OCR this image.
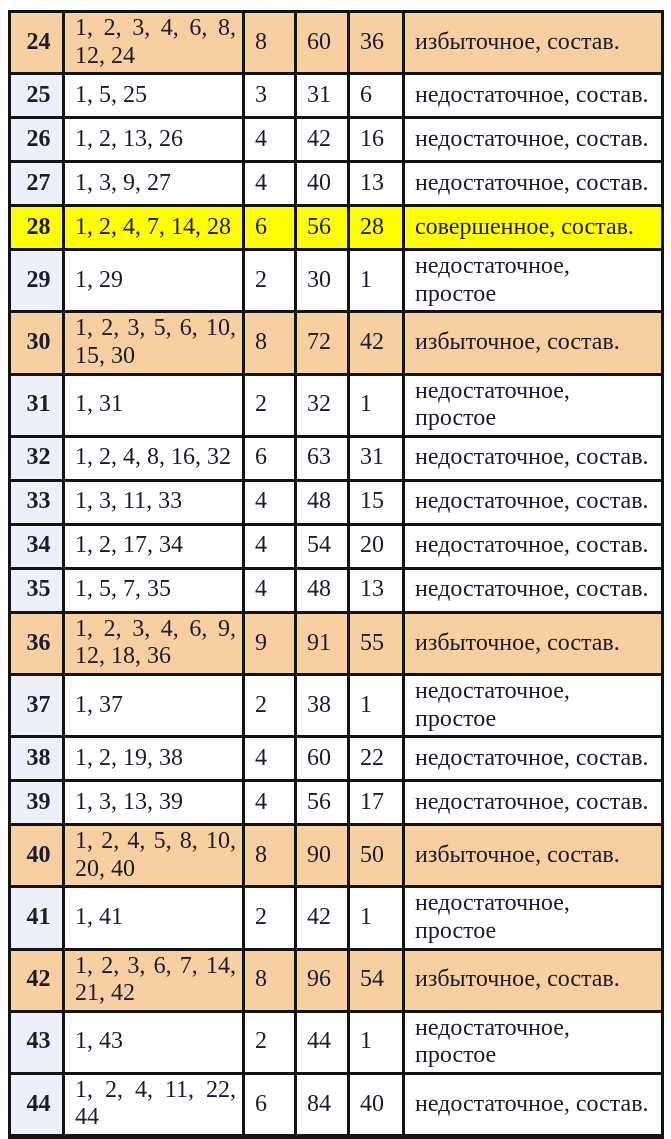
24	1, 2, 3, 4, 6, 8, 12, 24	8	60	36	избыточное, состав.
25	1, 5, 25	3	31	6	недостаточное, состав.
26	1, 2, 13, 26	4	42	16	недостаточное, состав.
27	1, 3, 9, 27	4	40	13	недостаточное, состав.
28	1, 2, 4, 7, 14, 28	6	56	28	совершенное, состав.
29	1, 29	2	30	1	недостаточное, простое
30	1, 2, 3, 5, 6, 10, 15, 30	8	72	42	избыточное, состав.
31	1, 31	2	32	1	недостаточное, простое
32	1, 2, 4, 8, 16, 32	6	63	31	недостаточное, состав.
33	1, 3, 11, 33	4	48	15	недостаточное, состав.
34	1, 2, 17, 34	4	54	20	недостаточное, состав.
35	1, 5, 7, 35	4	48	13	недостаточное, состав.
36	1, 2, 3, 4, 6, 9, 12, 18, 36	9	91	55	избыточное, состав.
37	1, 37	2	38	1	недостаточное, простое
38	1, 2, 19, 38	4	60	22	недостаточное, состав.
39	1, 3, 13, 39	4	56	17	недостаточное, состав.
40	1, 2, 4, 5, 8, 10, 20, 40	8	90	50	избыточное, состав.
41	1, 41	2	42	1	недостаточное, простое
42	1, 2, 3, 6, 7, 14, 21, 42	8	96	54	избыточное, состав.
43	1, 43	2	44	1	недостаточное, простое
44	1, 2, 4, 11, 22, 44	6	84	40	недостаточное, состав.
